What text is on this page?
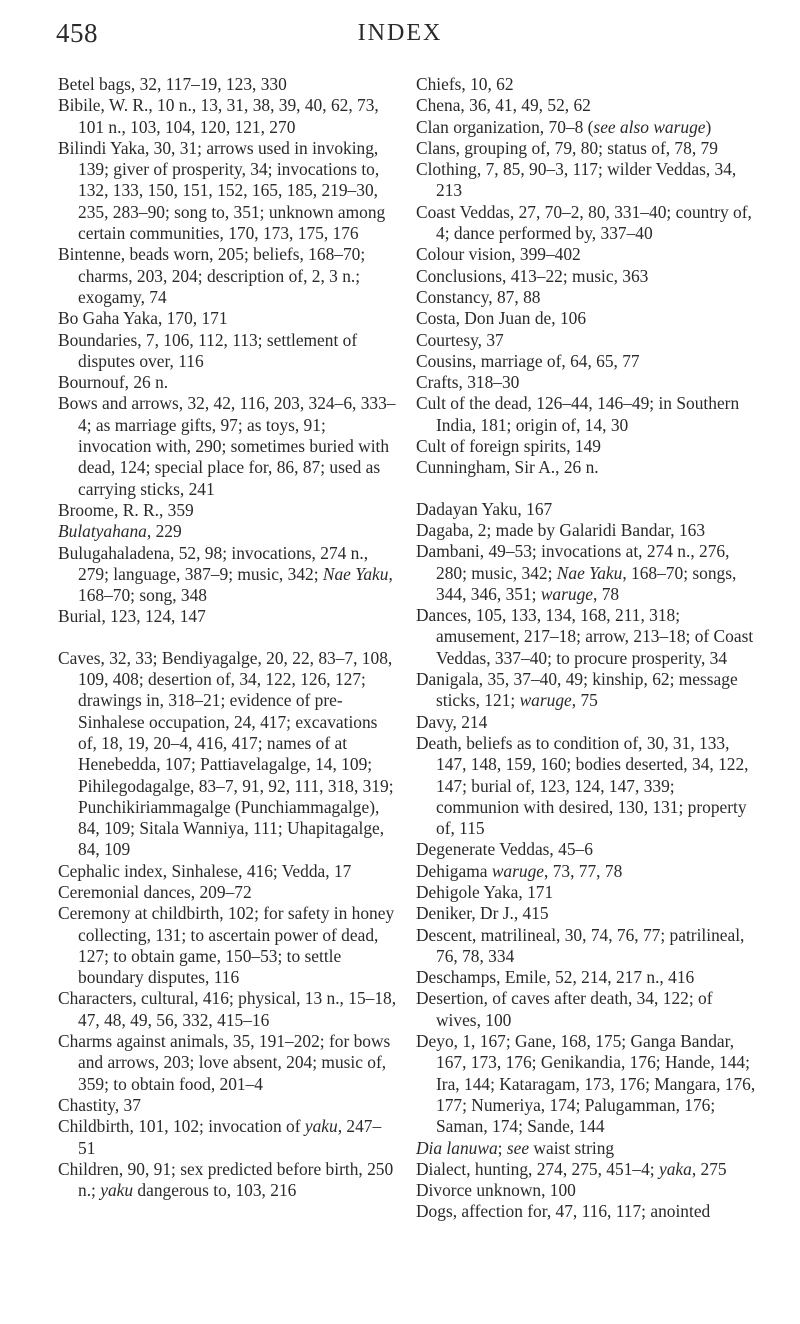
458	INDEX

Betel bags, 32, 117–19, 123, 330

Bibile, W. R., 10 n., 13, 31, 38, 39, 40, 62, 73, 101 n., 103, 104, 120, 121, 270

Bilindi Yaka, 30, 31; arrows used in invoking, 139; giver of prosperity, 34; invocations to, 132, 133, 150, 151, 152, 165, 185, 219–30, 235, 283–90; song to, 351; unknown among certain communities, 170, 173, 175, 176

Bintenne, beads worn, 205; beliefs, 168–70; charms, 203, 204; description of, 2, 3 n.; exogamy, 74

Bo Gaha Yaka, 170, 171

Boundaries, 7, 106, 112, 113; settlement of disputes over, 116

Bournouf, 26 n.

Bows and arrows, 32, 42, 116, 203, 324–6, 333–4; as marriage gifts, 97; as toys, 91; invocation with, 290; sometimes buried with dead, 124; special place for, 86, 87; used as carrying sticks, 241

Broome, R. R., 359

Bulatyahana, 229

Bulugahaladena, 52, 98; invocations, 274 n., 279; language, 387–9; music, 342; Nae Yaku, 168–70; song, 348

Burial, 123, 124, 147

Caves, 32, 33; Bendiyagalge, 20, 22, 83–7, 108, 109, 408; desertion of, 34, 122, 126, 127; drawings in, 318–21; evidence of pre-Sinhalese occupation, 24, 417; excavations of, 18, 19, 20–4, 416, 417; names of at Henebedda, 107; Pattiavelagalge, 14, 109; Pihilegodagalge, 83–7, 91, 92, 111, 318, 319; Punchikiriammagalge (Punchiammagalge), 84, 109; Sitala Wanniya, 111; Uhapitagalge, 84, 109

Cephalic index, Sinhalese, 416; Vedda, 17

Ceremonial dances, 209–72

Ceremony at childbirth, 102; for safety in honey collecting, 131; to ascertain power of dead, 127; to obtain game, 150–53; to settle boundary disputes, 116

Characters, cultural, 416; physical, 13 n., 15–18, 47, 48, 49, 56, 332, 415–16

Charms against animals, 35, 191–202; for bows and arrows, 203; love absent, 204; music of, 359; to obtain food, 201–4

Chastity, 37

Childbirth, 101, 102; invocation of yaku, 247–51

Children, 90, 91; sex predicted before birth, 250 n.; yaku dangerous to, 103, 216

Chiefs, 10, 62

Chena, 36, 41, 49, 52, 62

Clan organization, 70–8 (see also waruge)

Clans, grouping of, 79, 80; status of, 78, 79

Clothing, 7, 85, 90–3, 117; wilder Veddas, 34, 213

Coast Veddas, 27, 70–2, 80, 331–40; country of, 4; dance performed by, 337–40

Colour vision, 399–402

Conclusions, 413–22; music, 363

Constancy, 87, 88

Costa, Don Juan de, 106

Courtesy, 37

Cousins, marriage of, 64, 65, 77

Crafts, 318–30

Cult of the dead, 126–44, 146–49; in Southern India, 181; origin of, 14, 30

Cult of foreign spirits, 149

Cunningham, Sir A., 26 n.

Dadayan Yaku, 167

Dagaba, 2; made by Galaridi Bandar, 163

Dambani, 49–53; invocations at, 274 n., 276, 280; music, 342; Nae Yaku, 168–70; songs, 344, 346, 351; waruge, 78

Dances, 105, 133, 134, 168, 211, 318; amusement, 217–18; arrow, 213–18; of Coast Veddas, 337–40; to procure prosperity, 34

Danigala, 35, 37–40, 49; kinship, 62; message sticks, 121; waruge, 75

Davy, 214

Death, beliefs as to condition of, 30, 31, 133, 147, 148, 159, 160; bodies deserted, 34, 122, 147; burial of, 123, 124, 147, 339; communion with desired, 130, 131; property of, 115

Degenerate Veddas, 45–6

Dehigama waruge, 73, 77, 78

Dehigole Yaka, 171

Deniker, Dr J., 415

Descent, matrilineal, 30, 74, 76, 77; patrilineal, 76, 78, 334

Deschamps, Emile, 52, 214, 217 n., 416

Desertion, of caves after death, 34, 122; of wives, 100

Deyo, 1, 167; Gane, 168, 175; Ganga Bandar, 167, 173, 176; Genikandia, 176; Hande, 144; Ira, 144; Kataragam, 173, 176; Mangara, 176, 177; Numeriya, 174; Palugamman, 176; Saman, 174; Sande, 144

Dia lanuwa; see waist string

Dialect, hunting, 274, 275, 451–4; yaka, 275

Divorce unknown, 100

Dogs, affection for, 47, 116, 117; anointed
